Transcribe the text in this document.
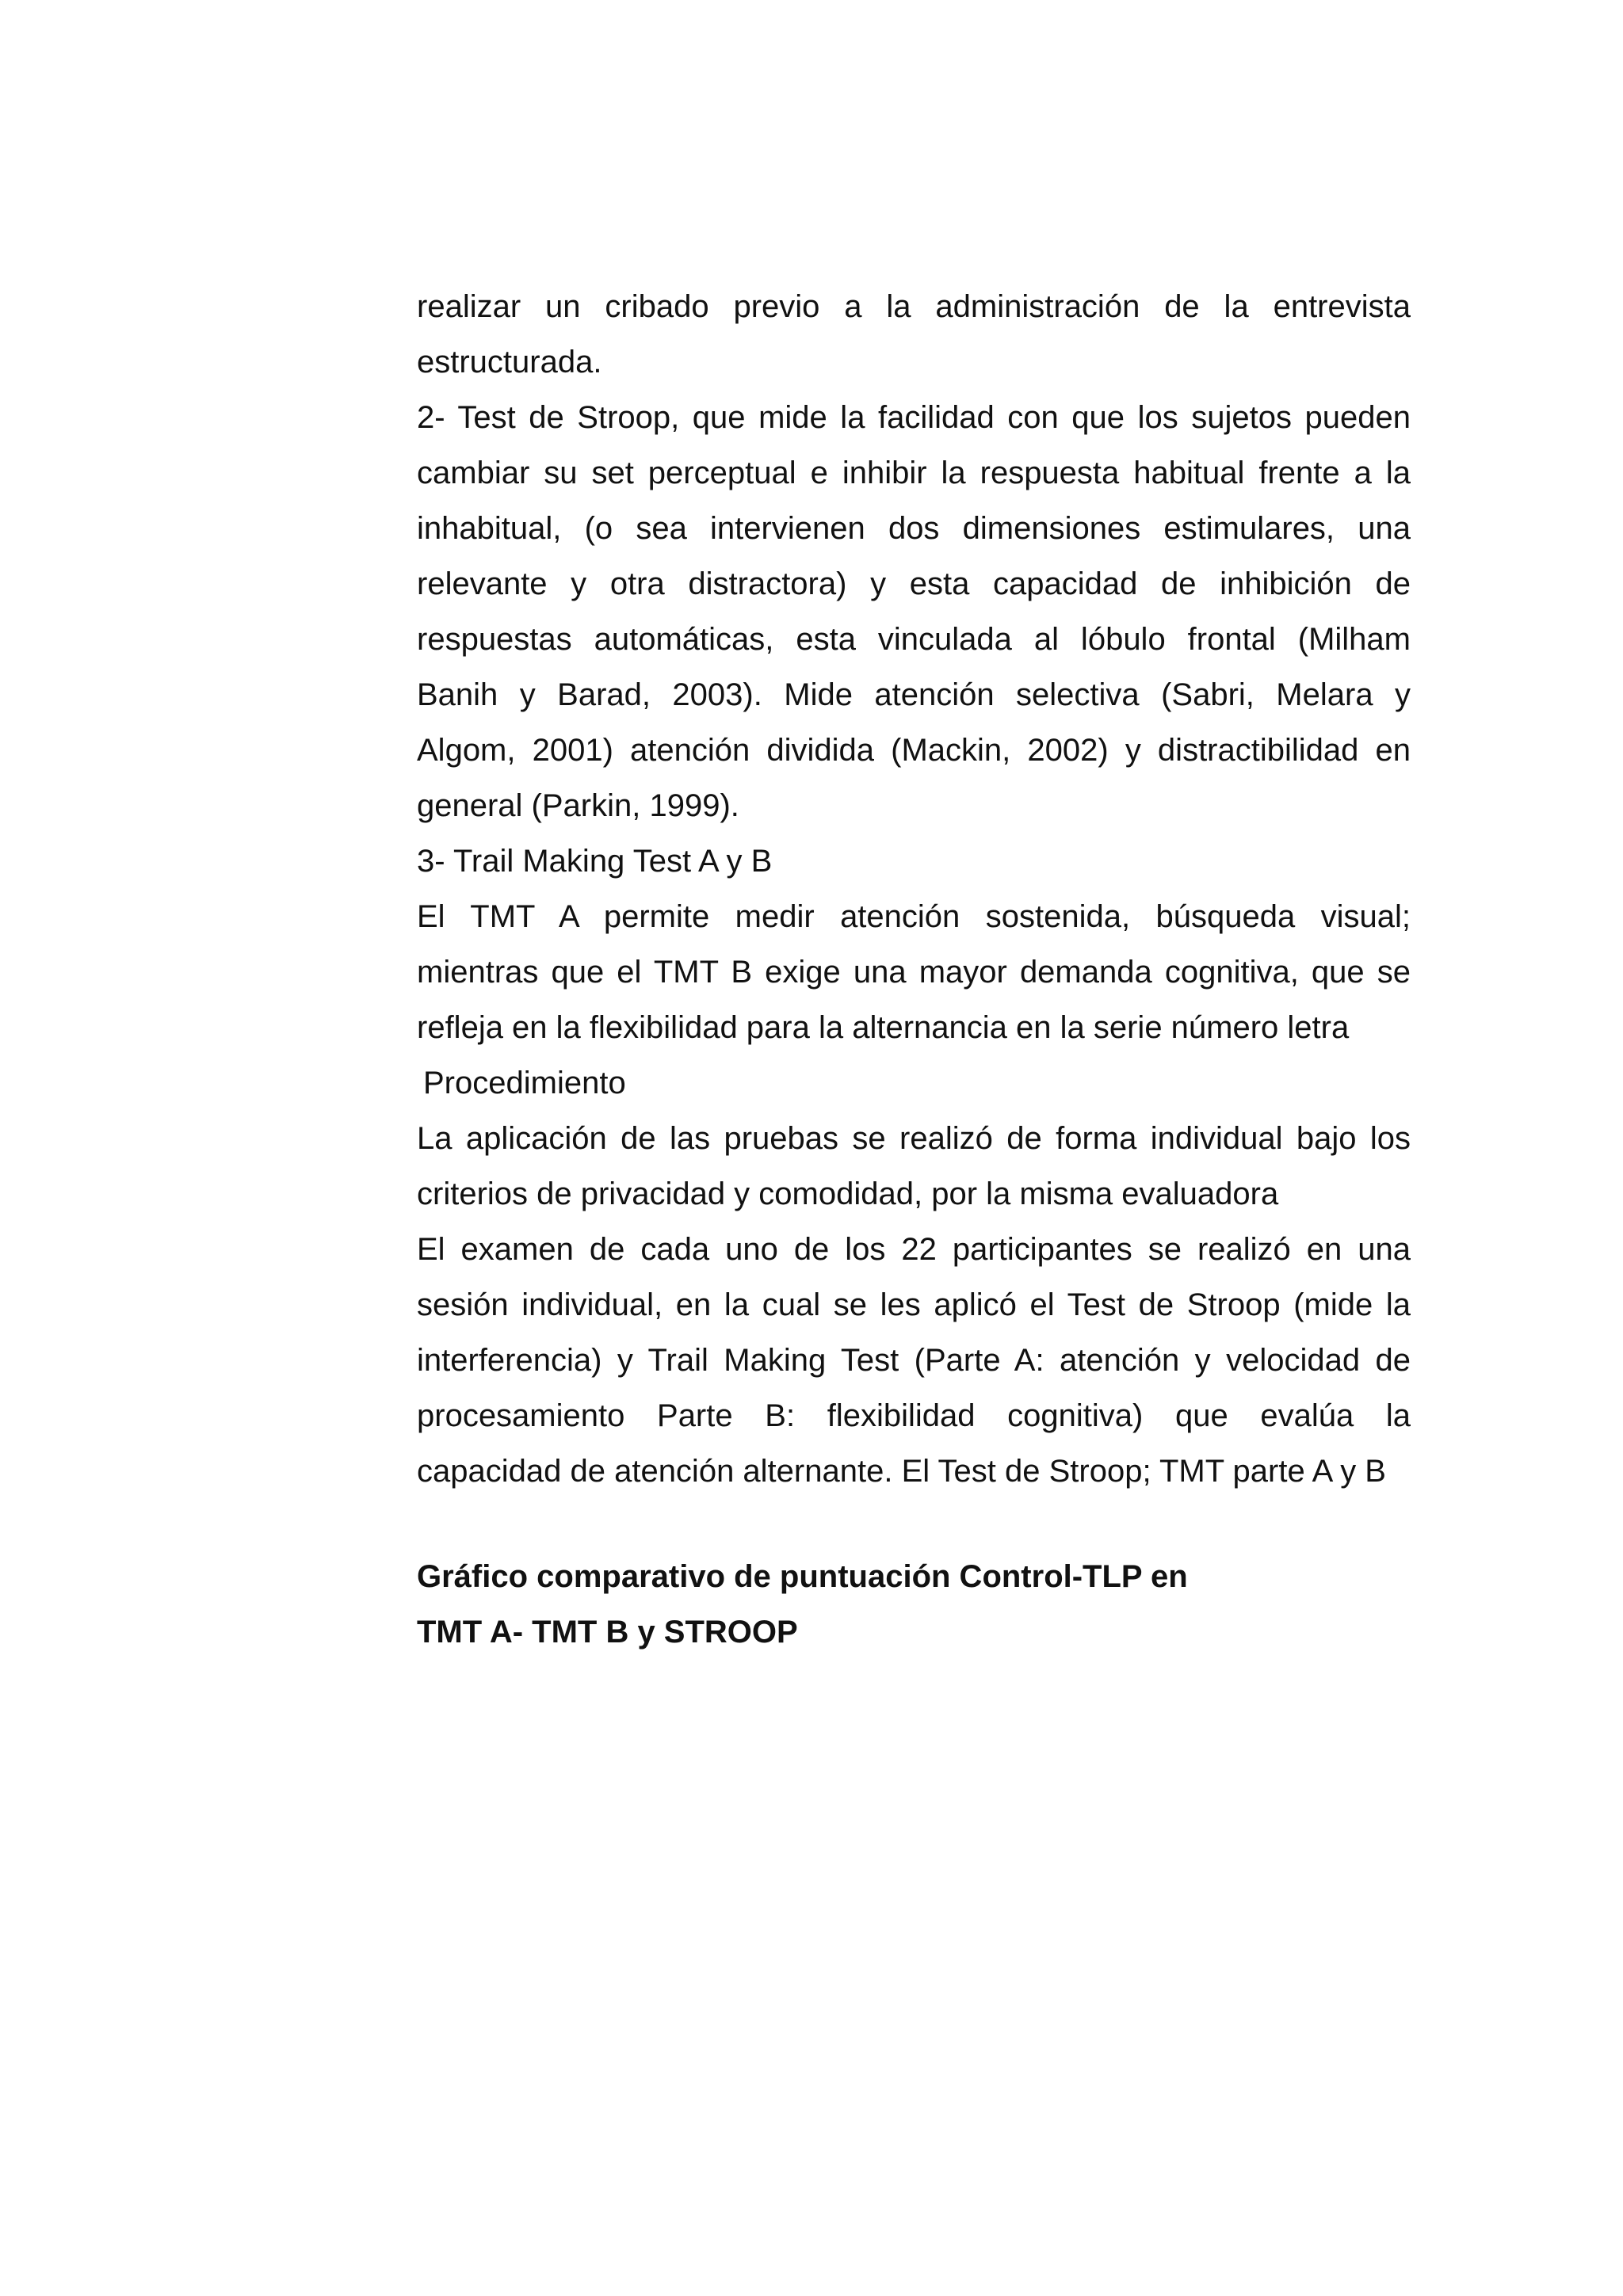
realizar un cribado previo a la administración de la entrevista
estructurada.
2- Test de Stroop, que mide la facilidad con que los sujetos pueden
cambiar su set perceptual e inhibir la respuesta habitual frente a la
inhabitual, (o sea intervienen dos dimensiones estimulares, una
relevante y otra distractora) y esta capacidad de inhibición de
respuestas automáticas, esta vinculada al lóbulo frontal (Milham
Banih y Barad, 2003). Mide atención selectiva (Sabri, Melara y
Algom, 2001) atención dividida (Mackin, 2002) y distractibilidad en
general (Parkin, 1999).
3- Trail Making Test A y B
El TMT A permite medir atención sostenida, búsqueda visual;
mientras que el TMT B exige una mayor demanda cognitiva, que se
refleja en la flexibilidad para la alternancia en la serie número letra
Procedimiento
La aplicación de las pruebas se realizó de forma individual bajo los
criterios de privacidad y comodidad, por la misma evaluadora
El examen de cada uno de los 22 participantes se realizó en una
sesión individual, en la cual se les aplicó el Test de Stroop (mide la
interferencia) y Trail Making Test (Parte A: atención y velocidad de
procesamiento Parte B: flexibilidad cognitiva) que evalúa la
capacidad de atención alternante. El Test de Stroop; TMT parte A y B
Gráfico comparativo de puntuación Control-TLP en
TMT A- TMT B y STROOP
